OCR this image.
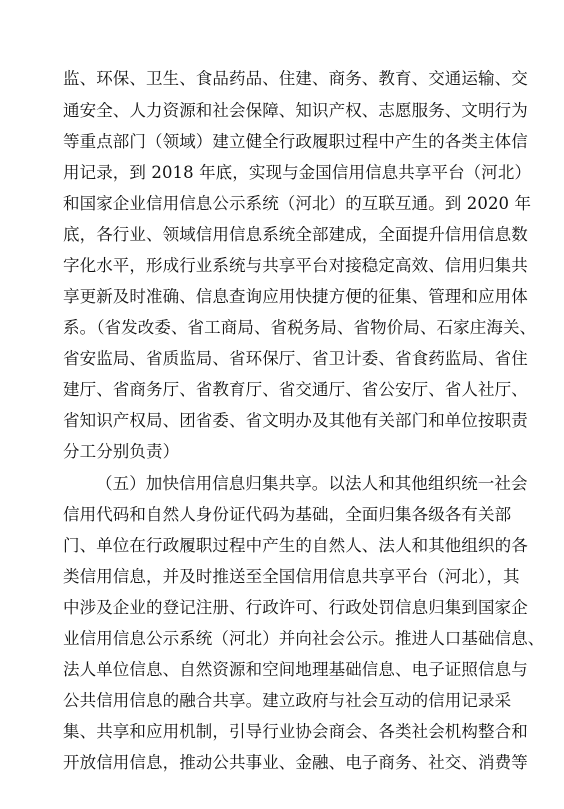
监、环保、卫生、食品药品、住建、商务、教育、交通运输、交
通安全、人力资源和社会保障、知识产权、志愿服务、文明行为
等重点部门（领域）建立健全行政履职过程中产生的各类主体信
用记录，到 2018 年底，实现与金国信用信息共享平台（河北）
和国家企业信用信息公示系统（河北）的互联互通。到 2020 年
底，各行业、领域信用信息系统全部建成，全面提升信用信息数
字化水平，形成行业系统与共享平台对接稳定高效、信用归集共
享更新及时准确、信息查询应用快捷方便的征集、管理和应用体
系。（省发改委、省工商局、省税务局、省物价局、石家庄海关、
省安监局、省质监局、省环保厅、省卫计委、省食药监局、省住
建厅、省商务厅、省教育厅、省交通厅、省公安厅、省人社厅、
省知识产权局、团省委、省文明办及其他有关部门和单位按职责
分工分别负责）
（五）加快信用信息归集共享。以法人和其他组织统一社会
信用代码和自然人身份证代码为基础，全面归集各级各有关部
门、单位在行政履职过程中产生的自然人、法人和其他组织的各
类信用信息，并及时推送至全国信用信息共享平台（河北），其
中涉及企业的登记注册、行政许可、行政处罚信息归集到国家企
业信用信息公示系统（河北）并向社会公示。推进人口基础信息、
法人单位信息、自然资源和空间地理基础信息、电子证照信息与
公共信用信息的融合共享。建立政府与社会互动的信用记录采
集、共享和应用机制，引导行业协会商会、各类社会机构整合和
开放信用信息，推动公共事业、金融、电子商务、社交、消费等
